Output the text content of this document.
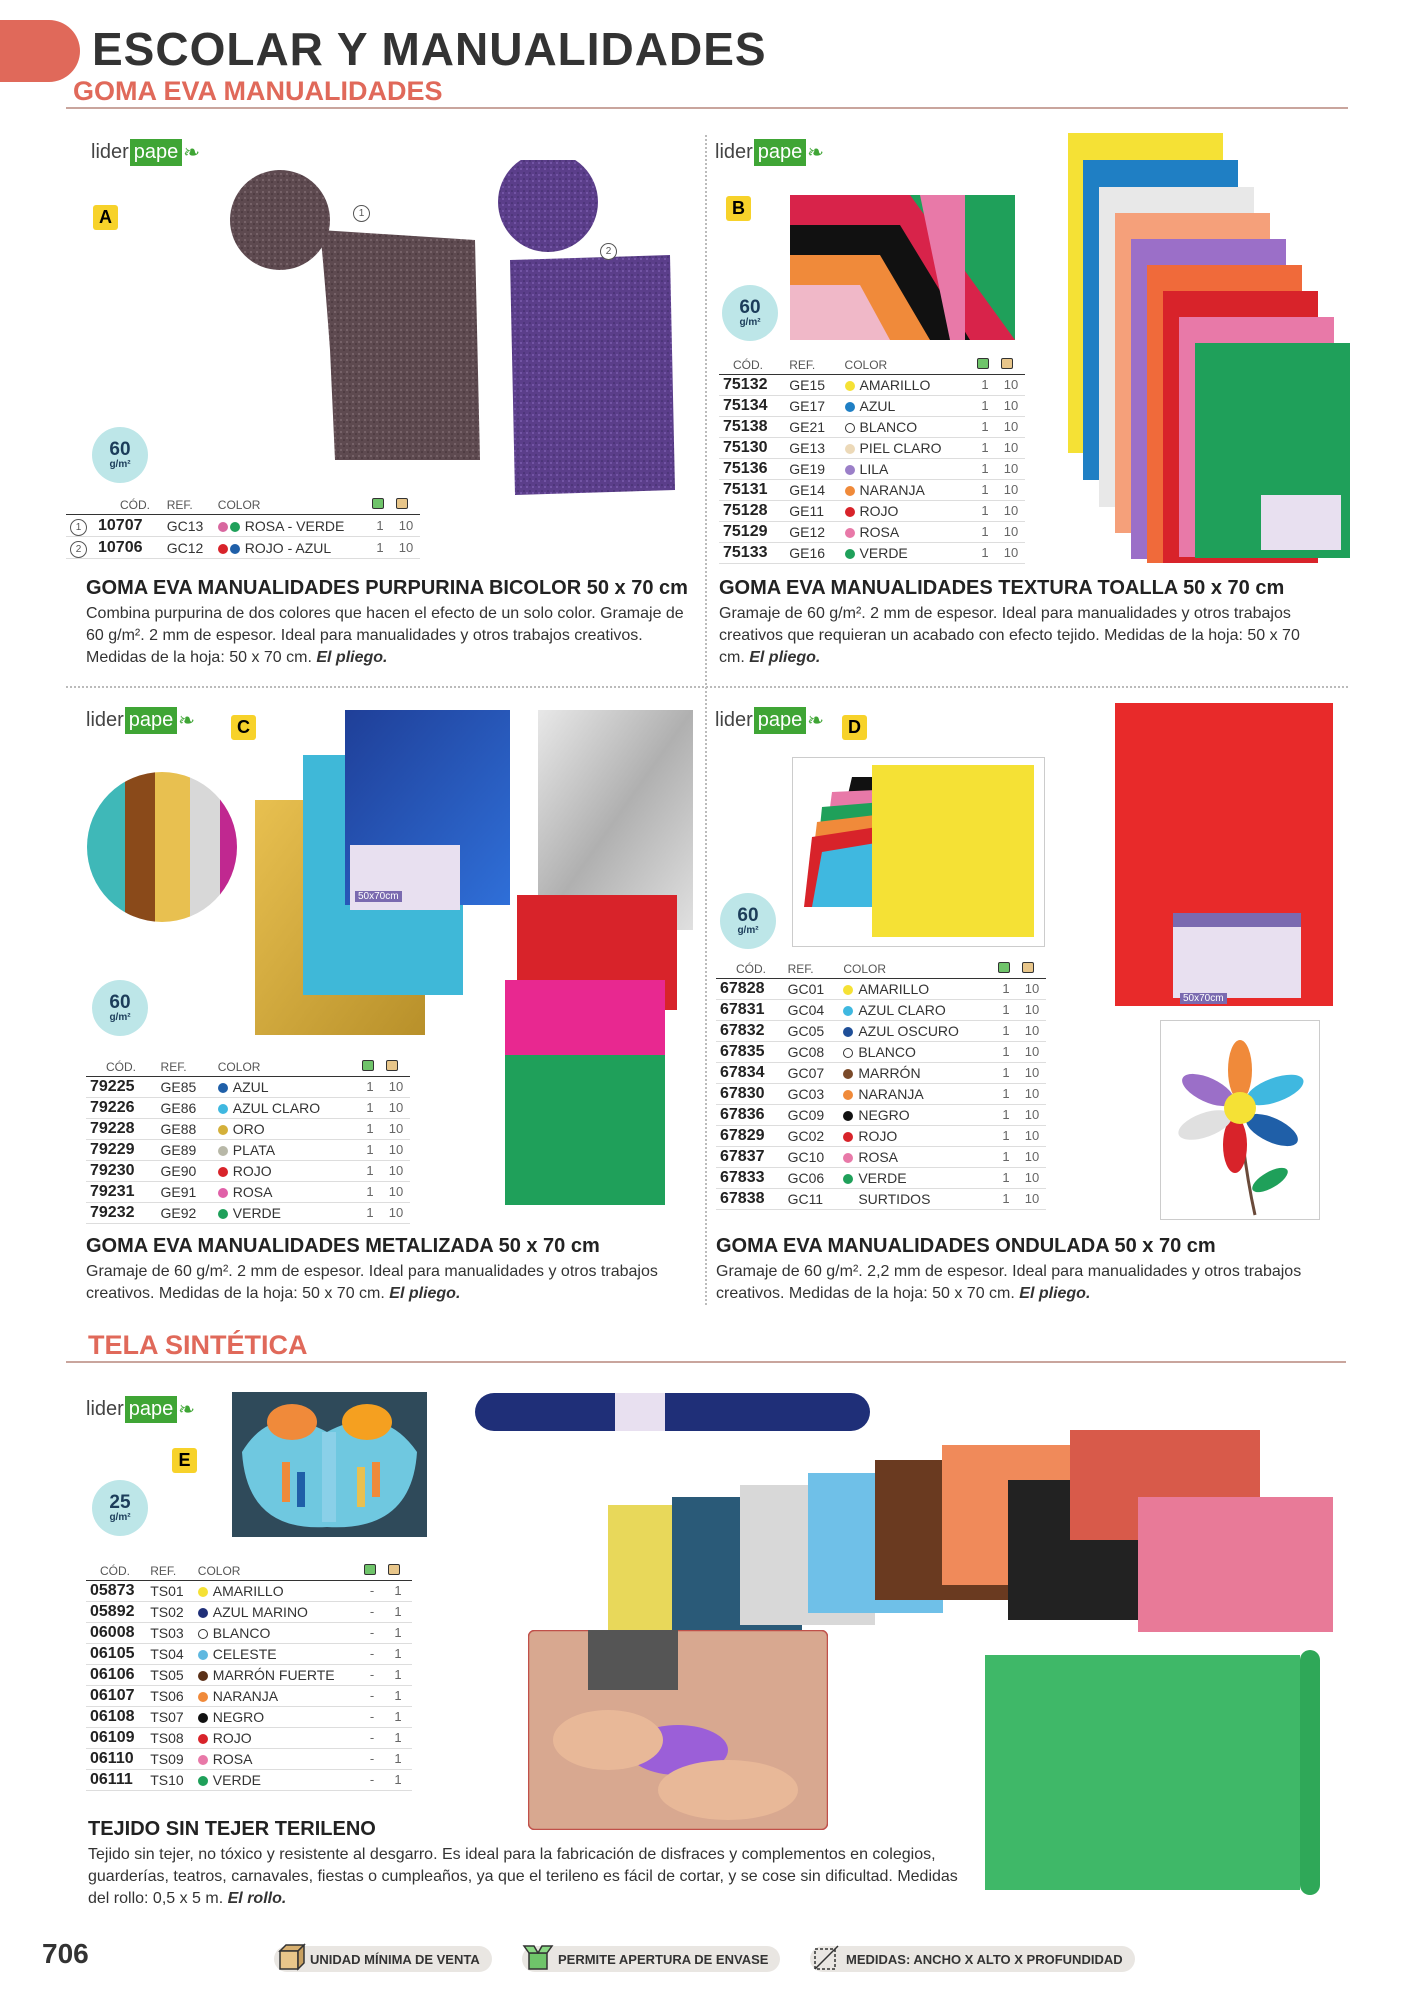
ESCOLAR Y MANUALIDADES
GOMA EVA MANUALIDADES
lider pape ❧
A	1
2
60
g/m²
	CÓD.	REF.	COLOR		
1	10707	GC13	ROSA - VERDE	1	10
2	10706	GC12	ROJO - AZUL	1	10
GOMA EVA MANUALIDADES PURPURINA BICOLOR 50 x 70 cm
Combina purpurina de dos colores que hacen el efecto de un solo color. Gramaje de 60 g/m². 2 mm de espesor. Ideal para manualidades y otros trabajos creativos. Medidas de la hoja: 50 x 70 cm. El pliego.
lider pape ❧
B
60
g/m²
CÓD.	REF.	COLOR		
75132	GE15	AMARILLO	1	10
75134	GE17	AZUL	1	10
75138	GE21	BLANCO	1	10
75130	GE13	PIEL CLARO	1	10
75136	GE19	LILA	1	10
75131	GE14	NARANJA	1	10
75128	GE11	ROJO	1	10
75129	GE12	ROSA	1	10
75133	GE16	VERDE	1	10
GOMA EVA MANUALIDADES TEXTURA TOALLA 50 x 70 cm
Gramaje de 60 g/m². 2 mm de espesor. Ideal para manualidades y otros trabajos creativos que requieran un acabado con efecto tejido. Medidas de la hoja: 50 x 70 cm. El pliego.
lider pape ❧	C
50x70cm
60
g/m²
CÓD.	REF.	COLOR		
79225	GE85	AZUL	1	10
79226	GE86	AZUL CLARO	1	10
79228	GE88	ORO	1	10
79229	GE89	PLATA	1	10
79230	GE90	ROJO	1	10
79231	GE91	ROSA	1	10
79232	GE92	VERDE	1	10
GOMA EVA MANUALIDADES METALIZADA 50 x 70 cm
Gramaje de 60 g/m². 2 mm de espesor. Ideal para manualidades y otros trabajos creativos. Medidas de la hoja: 50 x 70 cm. El pliego.
lider pape ❧	D
60
g/m²
50x70cm
CÓD.	REF.	COLOR		
67828	GC01	AMARILLO	1	10
67831	GC04	AZUL CLARO	1	10
67832	GC05	AZUL OSCURO	1	10
67835	GC08	BLANCO	1	10
67834	GC07	MARRÓN	1	10
67830	GC03	NARANJA	1	10
67836	GC09	NEGRO	1	10
67829	GC02	ROJO	1	10
67837	GC10	ROSA	1	10
67833	GC06	VERDE	1	10
67838	GC11	SURTIDOS	1	10
GOMA EVA MANUALIDADES ONDULADA 50 x 70 cm
Gramaje de 60 g/m². 2,2 mm de espesor. Ideal para manualidades y otros trabajos creativos. Medidas de la hoja: 50 x 70 cm. El pliego.
TELA SINTÉTICA
lider pape ❧
E
25
g/m²
CÓD.	REF.	COLOR		
05873	TS01	AMARILLO	-	1
05892	TS02	AZUL MARINO	-	1
06008	TS03	BLANCO	-	1
06105	TS04	CELESTE	-	1
06106	TS05	MARRÓN FUERTE	-	1
06107	TS06	NARANJA	-	1
06108	TS07	NEGRO	-	1
06109	TS08	ROJO	-	1
06110	TS09	ROSA	-	1
06111	TS10	VERDE	-	1
TEJIDO SIN TEJER TERILENO
Tejido sin tejer, no tóxico y resistente al desgarro. Es ideal para la fabricación de disfraces y complementos en colegios, guarderías, teatros, carnavales, fiestas o cumpleaños, ya que el terileno es fácil de cortar, y se cose sin dificultad. Medidas del rollo: 0,5 x 5 m. El rollo.
706	UNIDAD MÍNIMA DE VENTA	PERMITE APERTURA DE ENVASE	MEDIDAS: ANCHO X ALTO X PROFUNDIDAD
